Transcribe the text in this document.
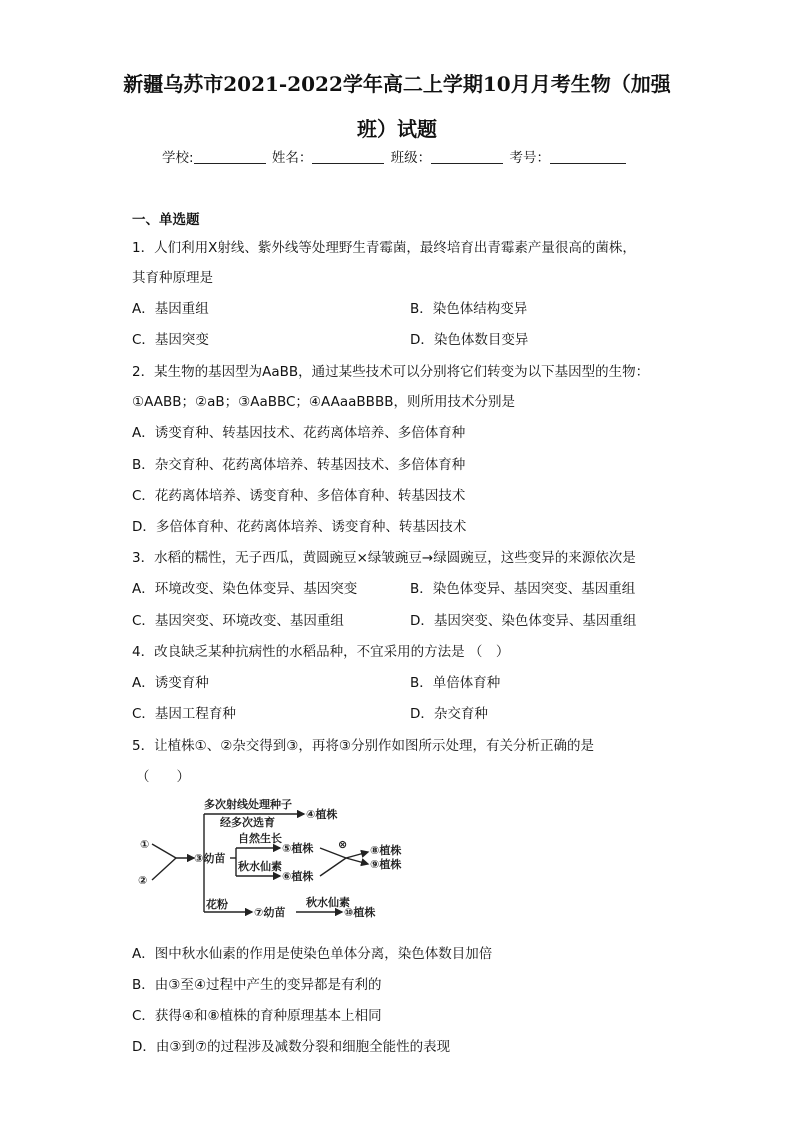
新疆乌苏市2021-2022学年高二上学期10月月考生物（加强
班）试题
学校:	姓名：	班级：	考号：
一、单选题
1．人们利用X射线、紫外线等处理野生青霉菌，最终培育出青霉素产量很高的菌株，
其育种原理是
A．基因重组	B．染色体结构变异
C．基因突变	D．染色体数目变异
2．某生物的基因型为AaBB，通过某些技术可以分别将它们转变为以下基因型的生物：
①AABB；②aB；③AaBBC；④AAaaBBBB，则所用技术分别是
A．诱变育种、转基因技术、花药离体培养、多倍体育种
B．杂交育种、花药离体培养、转基因技术、多倍体育种
C．花药离体培养、诱变育种、多倍体育种、转基因技术
D．多倍体育种、花药离体培养、诱变育种、转基因技术
3．水稻的糯性，无子西瓜，黄圆豌豆×绿皱豌豆→绿圆豌豆，这些变异的来源依次是
A．环境改变、染色体变异、基因突变	B．染色体变异、基因突变、基因重组
C．基因突变、环境改变、基因重组	D．基因突变、染色体变异、基因重组
4．改良缺乏某种抗病性的水稻品种，不宜采用的方法是 （　）
A．诱变育种	B．单倍体育种
C．基因工程育种	D．杂交育种
5．让植株①、②杂交得到③，再将③分别作如图所示处理，有关分析正确的是
（　　）
①
②
③幼苗
多次射线处理种子
经多次选育
④植株
自然生长
⑤植株
秋水仙素
⑥植株
⊗ ⑧植株
⑨植株
花粉
⑦幼苗
秋水仙素
⑩植株
A．图中秋水仙素的作用是使染色单体分离，染色体数目加倍
B．由③至④过程中产生的变异都是有利的
C．获得④和⑧植株的育种原理基本上相同
D．由③到⑦的过程涉及减数分裂和细胞全能性的表现
